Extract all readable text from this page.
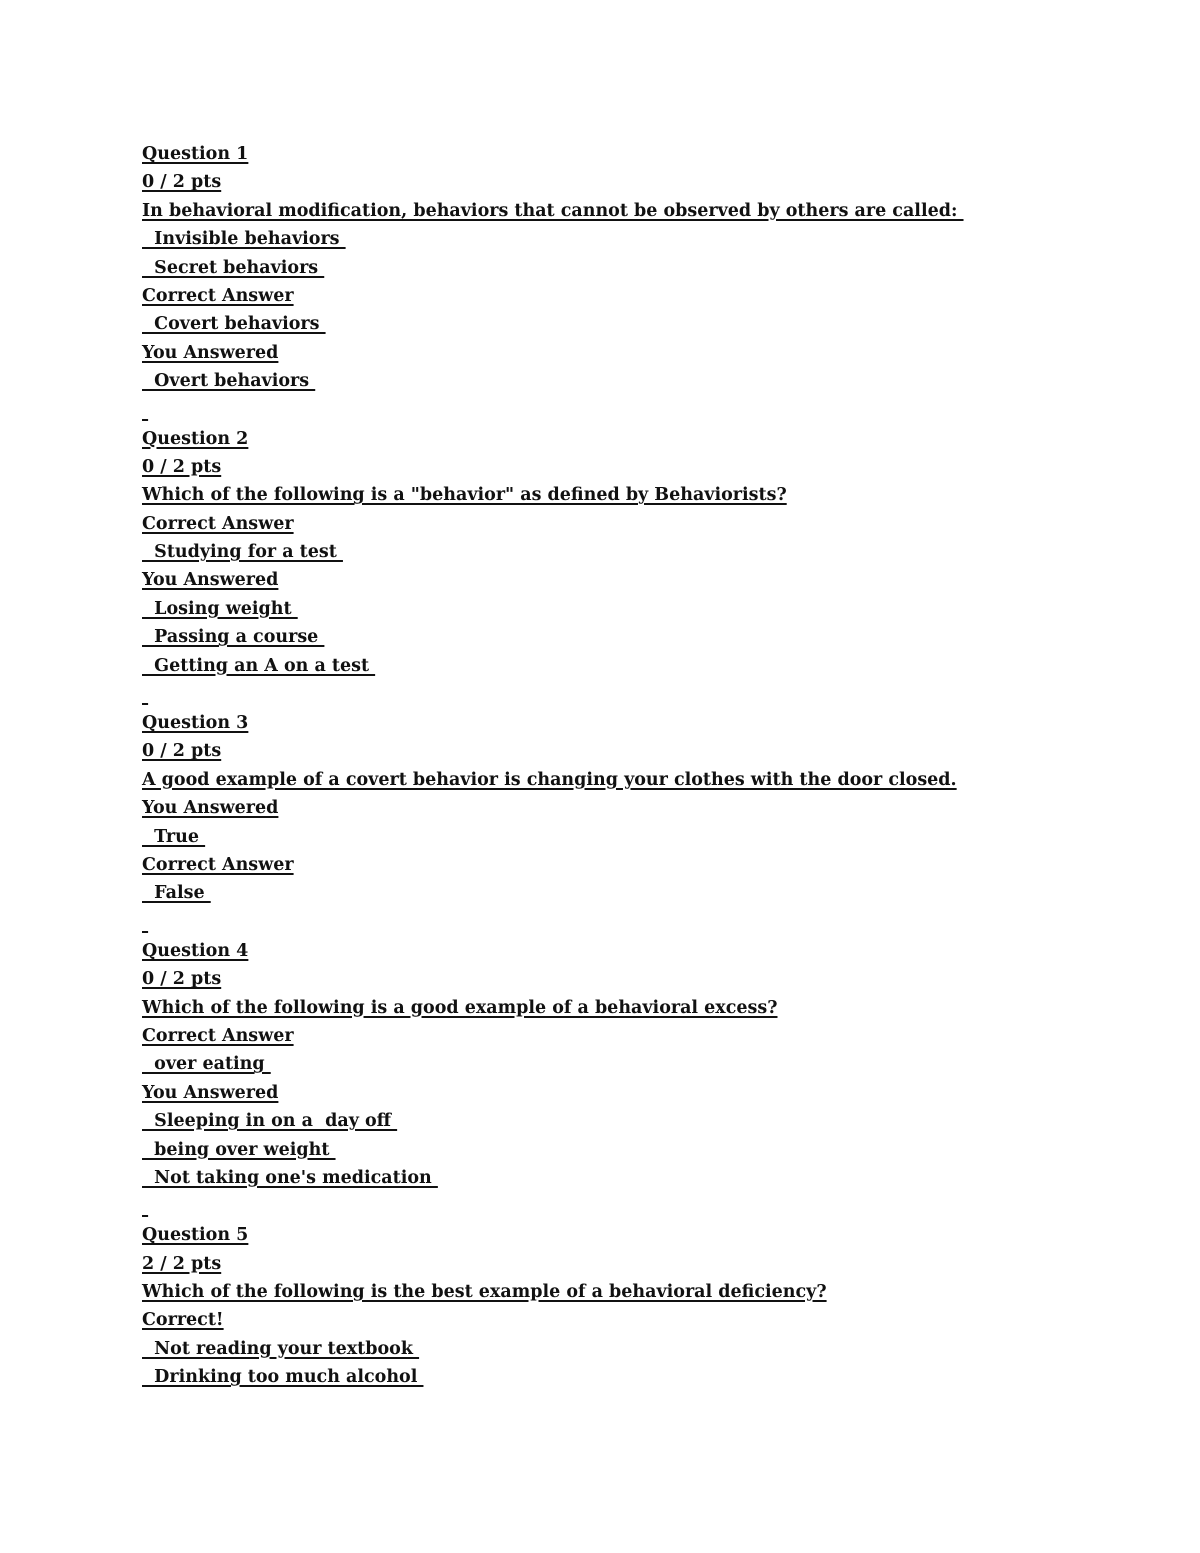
Question 1
0 / 2 pts
In behavioral modification, behaviors that cannot be observed by others are called:
Invisible behaviors
Secret behaviors
Correct Answer
Covert behaviors
You Answered
Overt behaviors

Question 2
0 / 2 pts
Which of the following is a "behavior" as defined by Behaviorists?
Correct Answer
Studying for a test
You Answered
Losing weight
Passing a course
Getting an A on a test

Question 3
0 / 2 pts
A good example of a covert behavior is changing your clothes with the door closed.
You Answered
True
Correct Answer
False

Question 4
0 / 2 pts
Which of the following is a good example of a behavioral excess?
Correct Answer
over eating
You Answered
Sleeping in on a  day off
being over weight
Not taking one's medication

Question 5
2 / 2 pts
Which of the following is the best example of a behavioral deficiency?
Correct!
Not reading your textbook
Drinking too much alcohol
